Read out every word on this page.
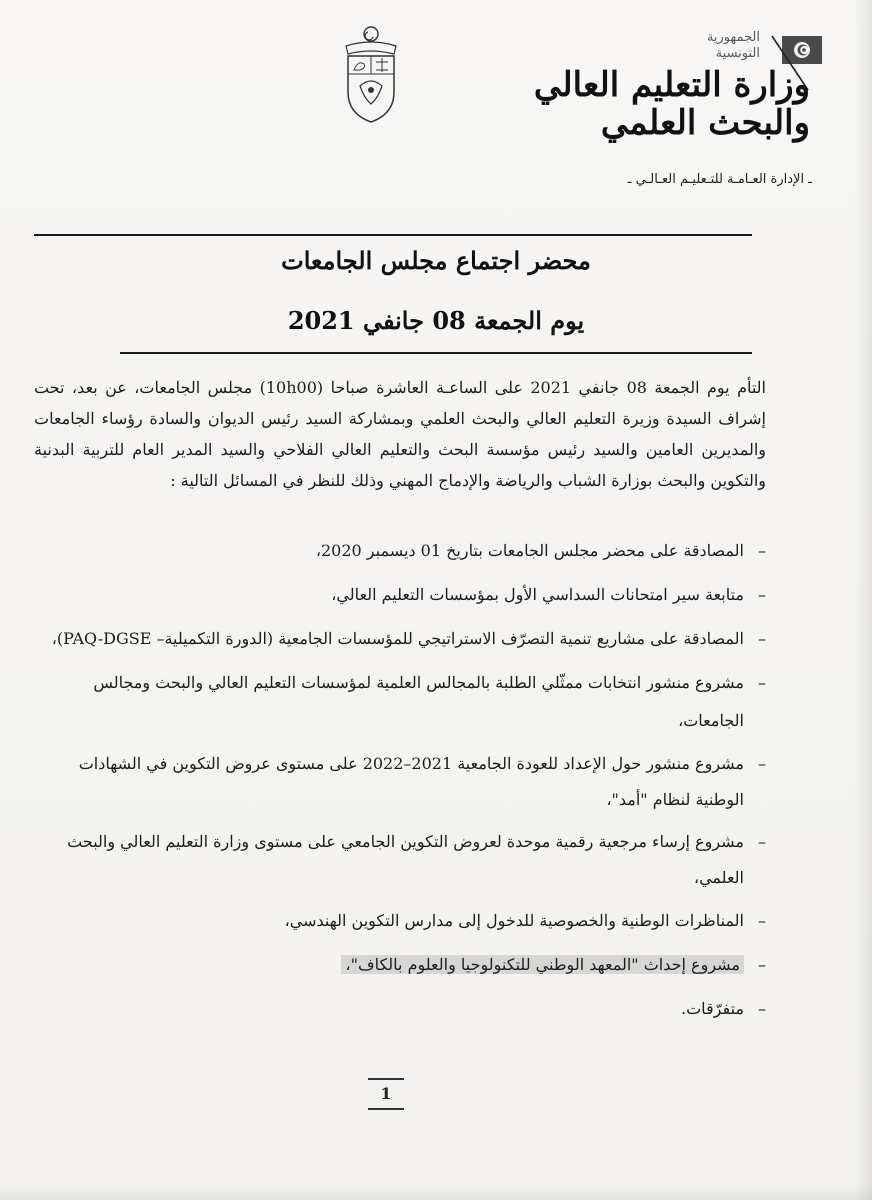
الجمهورية
التونسية
وزارة التعليم العالي
والبحث العلمي
ـ الإدارة العـامـة للتـعليـم العـالـي ـ
محضر اجتماع مجلس الجامعات
يوم الجمعة 08 جانفي 2021
التأم يوم الجمعة 08 جانفي 2021 على الساعـة العاشرة صباحا (10h00) مجلس الجامعات، عن بعد، تحت إشراف السيدة وزيرة التعليم العالي والبحث العلمي وبمشاركة السيد رئيس الديوان والسادة رؤساء الجامعات والمديرين العامين والسيد رئيس مؤسسة البحث والتعليم العالي الفلاحي والسيد المدير العام للتربية البدنية والتكوين والبحث بوزارة الشباب والرياضة والإدماج المهني وذلك للنظر في المسائل التالية :
–
المصادقة على محضر مجلس الجامعات بتاريخ 01 ديسمبر 2020،
–
متابعة سير امتحانات السداسي الأول بمؤسسات التعليم العالي،
–
المصادقة على مشاريع تنمية التصرّف الاستراتيجي للمؤسسات الجامعية (الدورة التكميلية– PAQ-DGSE)،
–
مشروع منشور انتخابات ممثّلي الطلبة بالمجالس العلمية لمؤسسات التعليم العالي والبحث ومجالس الجامعات،
–
مشروع منشور حول الإعداد للعودة الجامعية 2021–2022 على مستوى عروض التكوين في الشهادات الوطنية لنظام "أمد"،
–
مشروع إرساء مرجعية رقمية موحدة لعروض التكوين الجامعي على مستوى وزارة التعليم العالي والبحث العلمي،
–
المناظرات الوطنية والخصوصية للدخول إلى مدارس التكوين الهندسي،
–
مشروع إحداث "المعهد الوطني للتكنولوجيا والعلوم بالكاف"،
–
متفرّقات.
1
